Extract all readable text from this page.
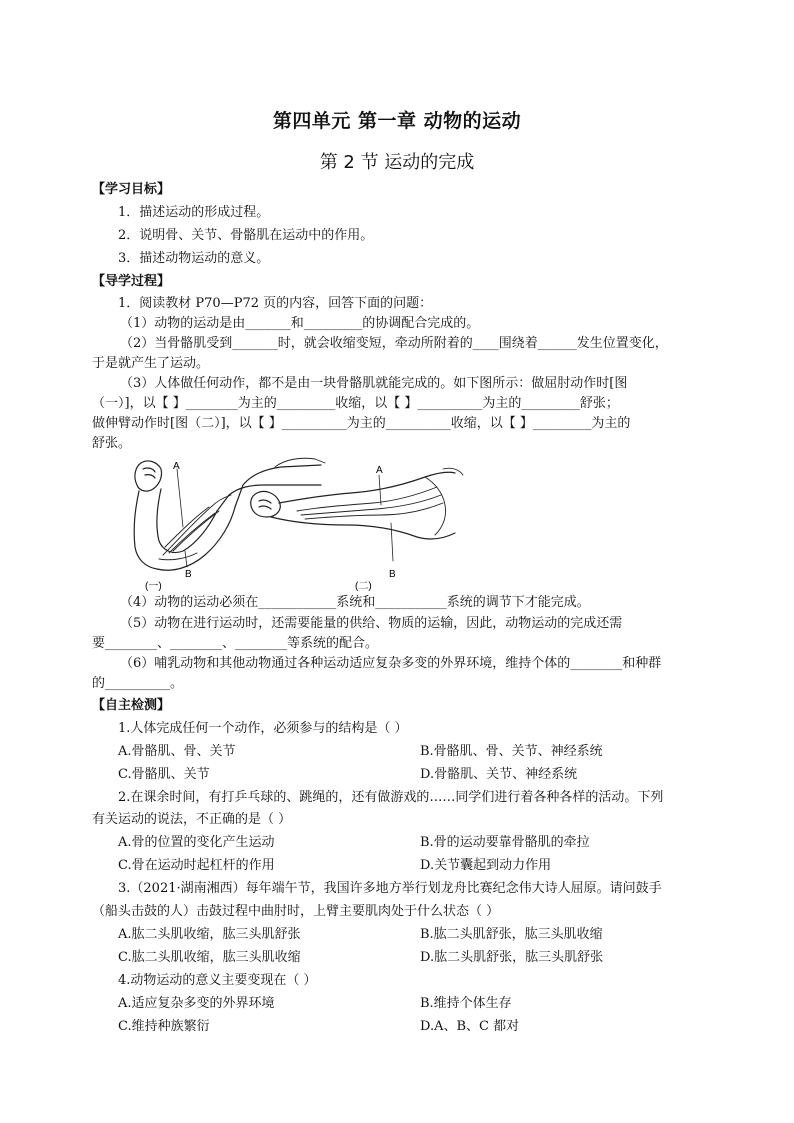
第四单元 第一章 动物的运动
第 2 节 运动的完成
【学习目标】
1．描述运动的形成过程。
2．说明骨、关节、骨骼肌在运动中的作用。
3．描述动物运动的意义。
【导学过程】
1．阅读教材 P70—P72 页的内容，回答下面的问题：
（1）动物的运动是由_______和_________的协调配合完成的。
（2）当骨骼肌受到_______时，就会收缩变短，牵动所附着的____围绕着______发生位置变化，
于是就产生了运动。
（3）人体做任何动作，都不是由一块骨骼肌就能完成的。如下图所示：做屈肘动作时[图
（一）]，以【 】________为主的_________收缩，以【 】__________为主的_________舒张；
做伸臂动作时[图（二）]，以【 】__________为主的__________收缩，以【 】_________为主的
舒张。
A
B
(一)
A
B
(二)
（4）动物的运动必须在____________系统和___________系统的调节下才能完成。
（5）动物在进行运动时，还需要能量的供给、物质的运输，因此，动物运动的完成还需
要________、________、________等系统的配合。
（6）哺乳动物和其他动物通过各种运动适应复杂多变的外界环境，维持个体的________和种群
的__________。
【自主检测】
1.人体完成任何一个动作，必须参与的结构是（ ）
A.骨骼肌、骨、关节	B.骨骼肌、骨、关节、神经系统
C.骨骼肌、关节	D.骨骼肌、关节、神经系统
2.在课余时间，有打乒乓球的、跳绳的，还有做游戏的……同学们进行着各种各样的活动。下列
有关运动的说法，不正确的是（ ）
A.骨的位置的变化产生运动	B.骨的运动要靠骨骼肌的牵拉
C.骨在运动时起杠杆的作用	D.关节囊起到动力作用
3.（2021·湖南湘西）每年端午节，我国许多地方举行划龙舟比赛纪念伟大诗人屈原。请问鼓手
（船头击鼓的人）击鼓过程中曲肘时，上臂主要肌肉处于什么状态（ ）
A.肱二头肌收缩，肱三头肌舒张	B.肱二头肌舒张，肱三头肌收缩
C.肱二头肌收缩，肱三头肌收缩	D.肱二头肌舒张，肱三头肌舒张
4.动物运动的意义主要变现在（ ）
A.适应复杂多变的外界环境	B.维持个体生存
C.维持种族繁衍	D.A、B、C 都对
